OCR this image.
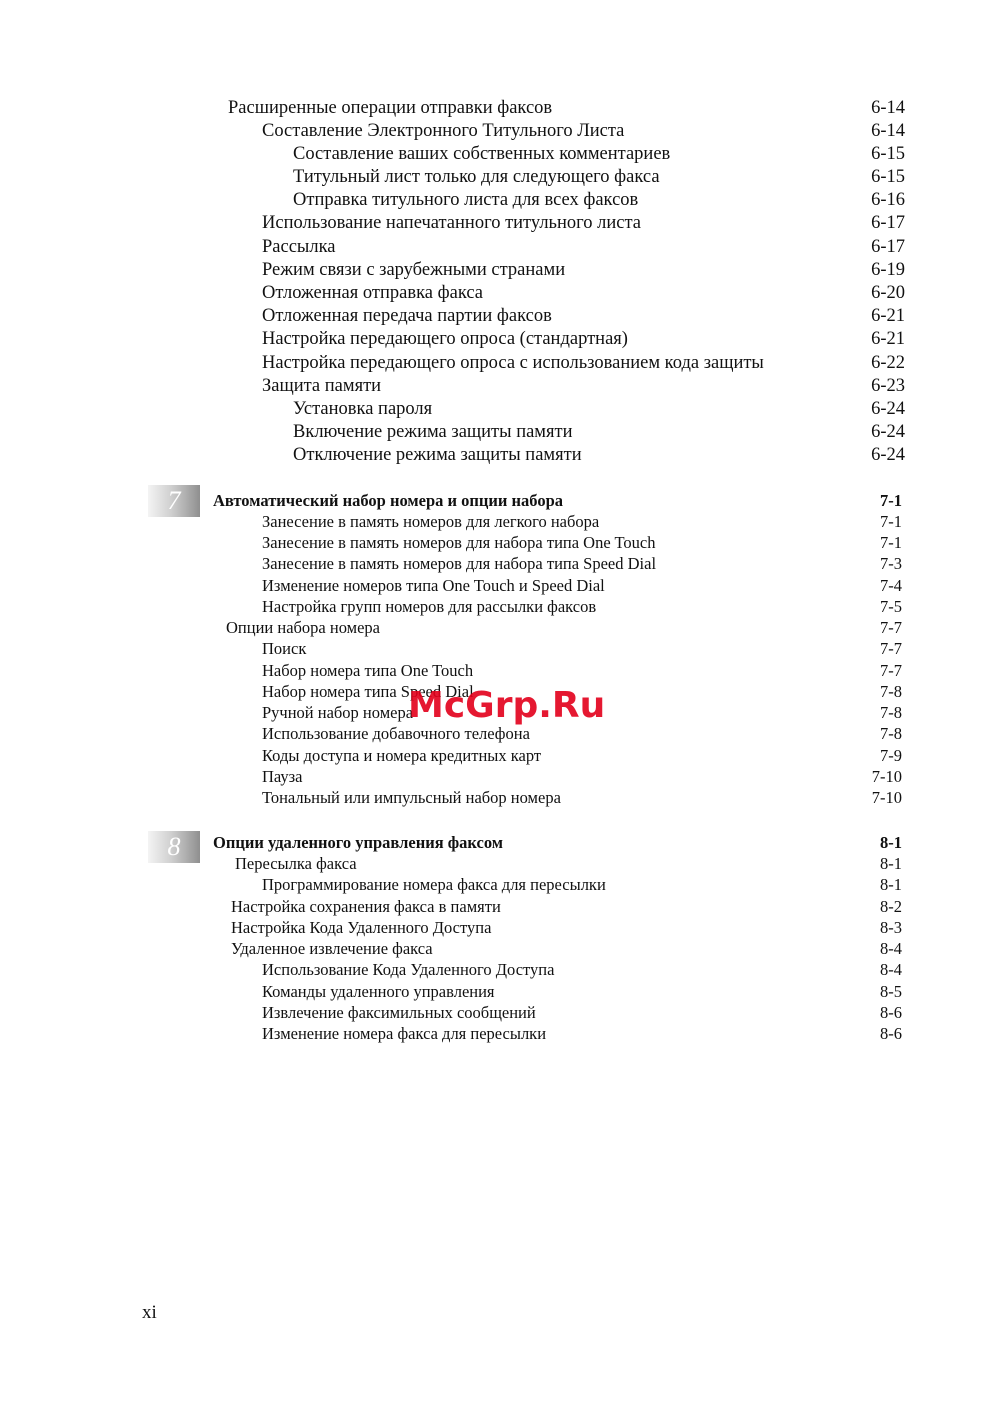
Расширенные операции отправки факсов	6-14
Составление Электронного Титульного Листа	6-14
Составление ваших собственных комментариев	6-15
Титульный лист только для следующего факса	6-15
Отправка титульного листа для всех факсов	6-16
Использование напечатанного титульного листа	6-17
Рассылка	6-17
Режим связи с зарубежными странами	6-19
Отложенная отправка факса	6-20
Отложенная передача партии факсов	6-21
Настройка передающего опроса (стандартная)	6-21
Настройка передающего опроса с использованием кода защиты	6-22
Защита памяти	6-23
Установка пароля	6-24
Включение режима защиты памяти	6-24
Отключение режима защиты памяти	6-24
7	Автоматический набор номера и опции набора	7-1
Занесение в память номеров для легкого набора	7-1
Занесение в память номеров для набора типа One Touch	7-1
Занесение в память номеров для набора типа Speed Dial	7-3
Изменение номеров типа One Touch и Speed Dial	7-4
Настройка групп номеров для рассылки факсов	7-5
Опции набора номера	7-7
Поиск	7-7
Набор номера типа One Touch	7-7
Набор номера типа Speed Dial	7-8
Ручной набор номера	7-8
Использование добавочного телефона	7-8
Коды доступа и номера кредитных карт	7-9
Пауза	7-10
Тональный или импульсный набор номера	7-10
8	Опции удаленного управления факсом	8-1
Пересылка факса	8-1
Программирование номера факса для пересылки	8-1
Настройка сохранения факса в памяти	8-2
Настройка Кода Удаленного Доступа	8-3
Удаленное извлечение факса	8-4
Использование Кода Удаленного Доступа	8-4
Команды удаленного управления	8-5
Извлечение факсимильных сообщений	8-6
Изменение номера факса для пересылки	8-6
McGrp.Ru
xi
